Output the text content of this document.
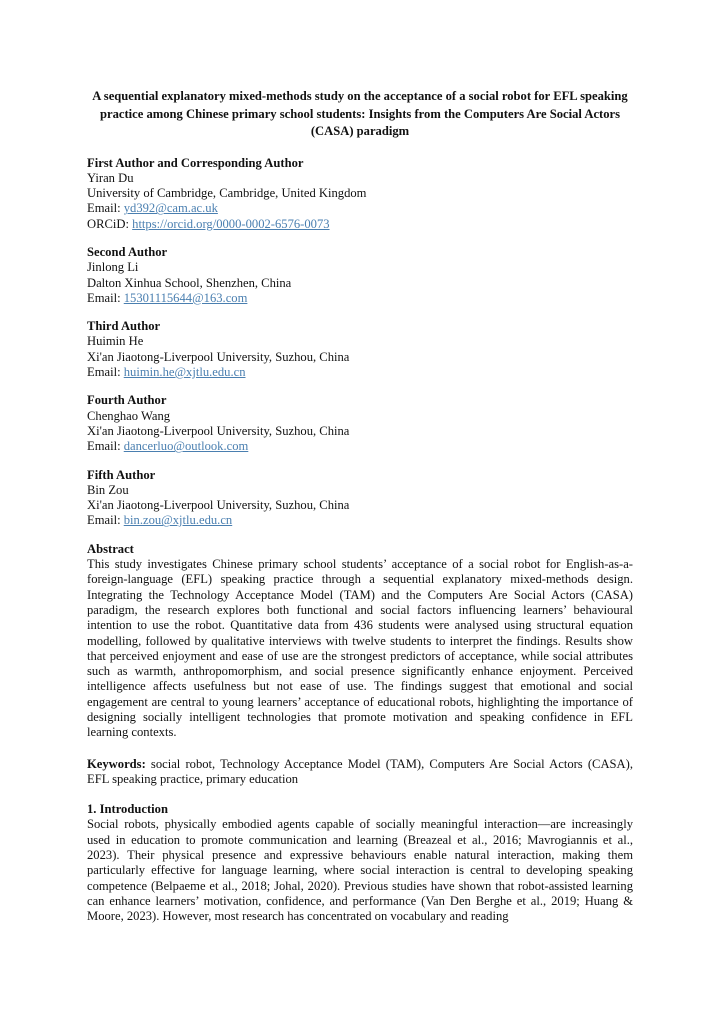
A sequential explanatory mixed-methods study on the acceptance of a social robot for EFL speaking practice among Chinese primary school students: Insights from the Computers Are Social Actors (CASA) paradigm
First Author and Corresponding Author
Yiran Du
University of Cambridge, Cambridge, United Kingdom
Email: yd392@cam.ac.uk
ORCiD: https://orcid.org/0000-0002-6576-0073
Second Author
Jinlong Li
Dalton Xinhua School, Shenzhen, China
Email: 15301115644@163.com
Third Author
Huimin He
Xi'an Jiaotong-Liverpool University, Suzhou, China
Email: huimin.he@xjtlu.edu.cn
Fourth Author
Chenghao Wang
Xi'an Jiaotong-Liverpool University, Suzhou, China
Email: dancerluo@outlook.com
Fifth Author
Bin Zou
Xi'an Jiaotong-Liverpool University, Suzhou, China
Email: bin.zou@xjtlu.edu.cn
Abstract

This study investigates Chinese primary school students’ acceptance of a social robot for English-as-a-foreign-language (EFL) speaking practice through a sequential explanatory mixed-methods design. Integrating the Technology Acceptance Model (TAM) and the Computers Are Social Actors (CASA) paradigm, the research explores both functional and social factors influencing learners’ behavioural intention to use the robot. Quantitative data from 436 students were analysed using structural equation modelling, followed by qualitative interviews with twelve students to interpret the findings. Results show that perceived enjoyment and ease of use are the strongest predictors of acceptance, while social attributes such as warmth, anthropomorphism, and social presence significantly enhance enjoyment. Perceived intelligence affects usefulness but not ease of use. The findings suggest that emotional and social engagement are central to young learners’ acceptance of educational robots, highlighting the importance of designing socially intelligent technologies that promote motivation and speaking confidence in EFL learning contexts.

Keywords: social robot, Technology Acceptance Model (TAM), Computers Are Social Actors (CASA), EFL speaking practice, primary education
1. Introduction

Social robots, physically embodied agents capable of socially meaningful interaction—are increasingly used in education to promote communication and learning (Breazeal et al., 2016; Mavrogiannis et al., 2023). Their physical presence and expressive behaviours enable natural interaction, making them particularly effective for language learning, where social interaction is central to developing speaking competence (Belpaeme et al., 2018; Johal, 2020). Previous studies have shown that robot-assisted learning can enhance learners’ motivation, confidence, and performance (Van Den Berghe et al., 2019; Huang & Moore, 2023). However, most research has concentrated on vocabulary and reading
